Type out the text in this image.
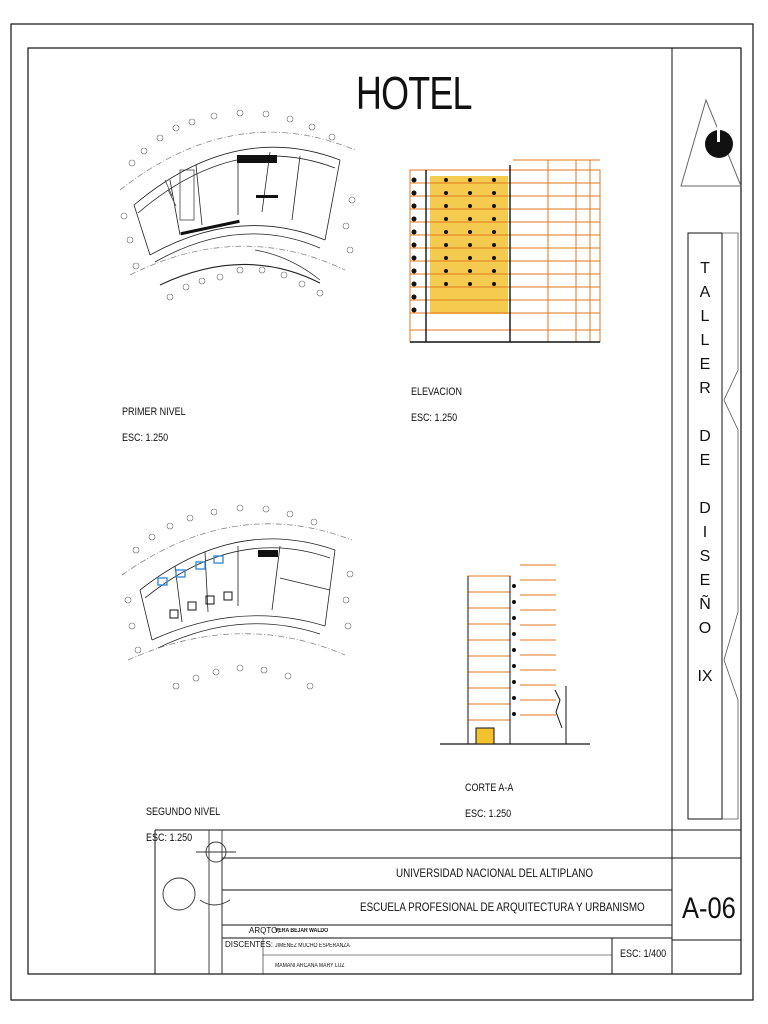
HOTEL
PRIMER NIVEL
ESC: 1.250
ELEVACION
ESC: 1.250
SEGUNDO NIVEL
ESC: 1.250
CORTE A-A
ESC: 1.250
T
A
L
L
E
R
D
E
D
I
S
E
Ñ
O
IX
UNIVERSIDAD NACIONAL DEL ALTIPLANO
ESCUELA PROFESIONAL DE ARQUITECTURA Y URBANISMO
ARQTO:
VERA BEJAR WALDO
DISCENTES: JIMENEZ MUCHO ESPERANZA
MAMANI ARCANA MARY LUZ
ESC: 1/400
A-06
